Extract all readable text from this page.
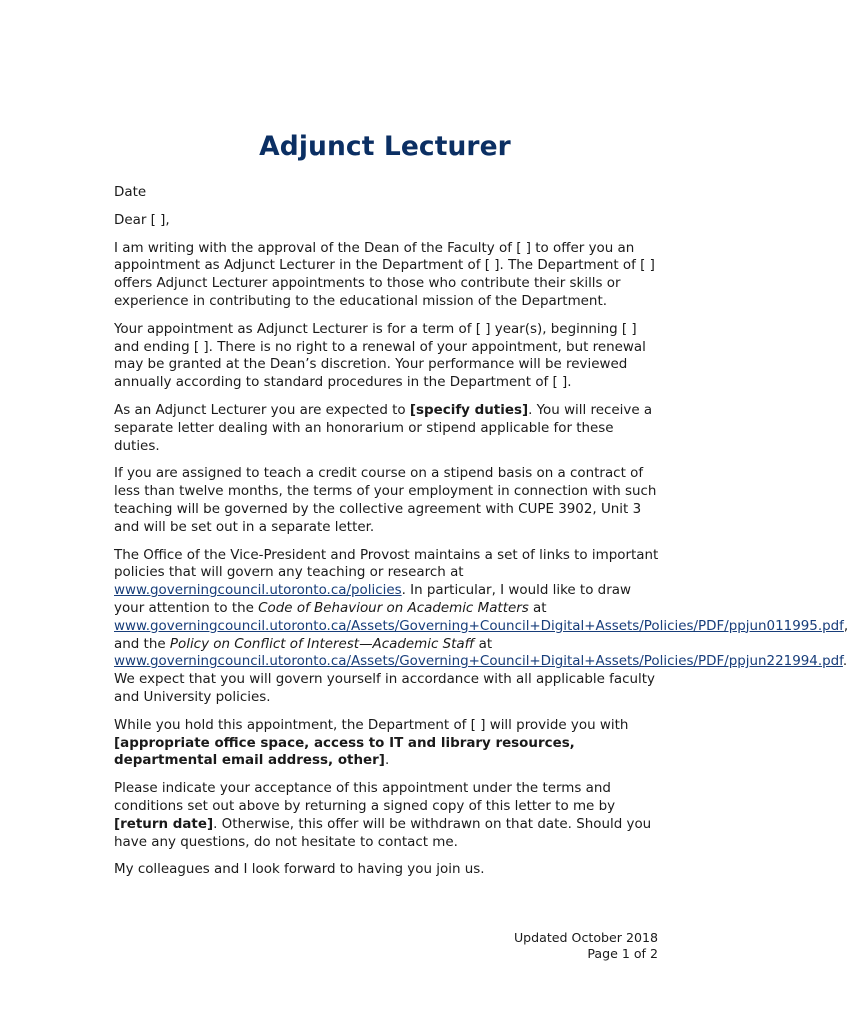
Adjunct Lecturer

Date

Dear [ ],

I am writing with the approval of the Dean of the Faculty of [ ] to offer you an appointment as Adjunct Lecturer in the Department of [ ]. The Department of [ ] offers Adjunct Lecturer appointments to those who contribute their skills or experience in contributing to the educational mission of the Department.

Your appointment as Adjunct Lecturer is for a term of [ ] year(s), beginning [ ] and ending [ ]. There is no right to a renewal of your appointment, but renewal may be granted at the Dean’s discretion. Your performance will be reviewed annually according to standard procedures in the Department of [ ].

As an Adjunct Lecturer you are expected to [specify duties]. You will receive a separate letter dealing with an honorarium or stipend applicable for these duties.

If you are assigned to teach a credit course on a stipend basis on a contract of less than twelve months, the terms of your employment in connection with such teaching will be governed by the collective agreement with CUPE 3902, Unit 3 and will be set out in a separate letter.

The Office of the Vice-President and Provost maintains a set of links to important policies that will govern any teaching or research at www.governingcouncil.utoronto.ca/policies. In particular, I would like to draw your attention to the Code of Behaviour on Academic Matters at www.governingcouncil.utoronto.ca/Assets/Governing+Council+Digital+Assets/Policies/PDF/ppjun011995.pdf, and the Policy on Conflict of Interest—Academic Staff at www.governingcouncil.utoronto.ca/Assets/Governing+Council+Digital+Assets/Policies/PDF/ppjun221994.pdf. We expect that you will govern yourself in accordance with all applicable faculty and University policies.

While you hold this appointment, the Department of [ ] will provide you with [appropriate office space, access to IT and library resources, departmental email address, other].

Please indicate your acceptance of this appointment under the terms and conditions set out above by returning a signed copy of this letter to me by [return date]. Otherwise, this offer will be withdrawn on that date. Should you have any questions, do not hesitate to contact me.

My colleagues and I look forward to having you join us.

Updated October 2018
Page 1 of 2
